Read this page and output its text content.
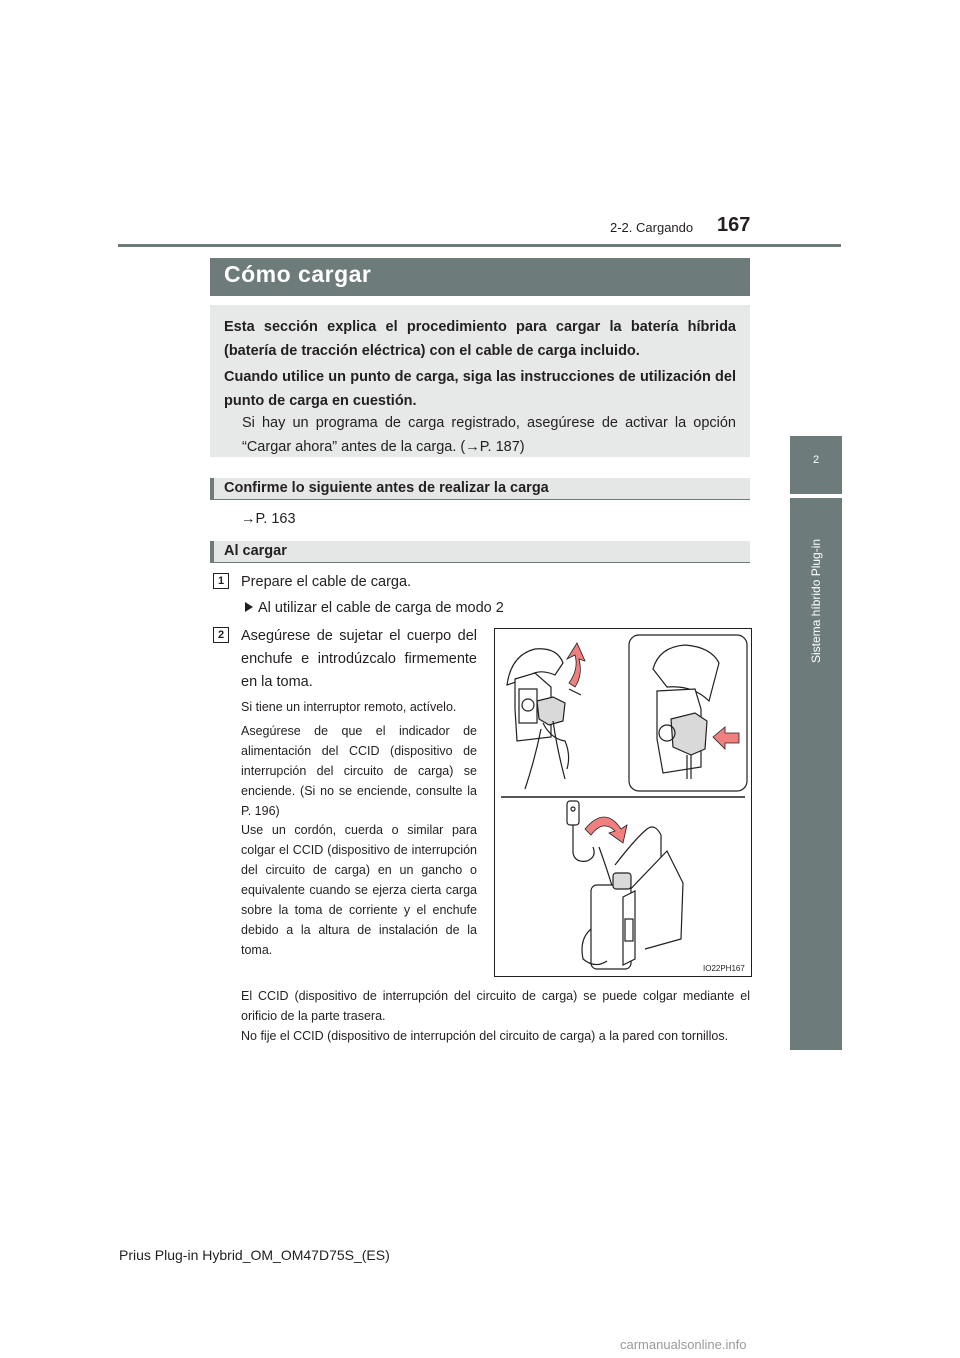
2-2. Cargando 167
2
Sistema híbrido Plug-in
Cómo cargar

Esta sección explica el procedimiento para cargar la batería híbrida (batería de tracción eléctrica) con el cable de carga incluido.

Cuando utilice un punto de carga, siga las instrucciones de utilización del punto de carga en cuestión.

Si hay un programa de carga registrado, asegúrese de activar la opción “Cargar ahora” antes de la carga. (→P. 187)

Confirme lo siguiente antes de realizar la carga
→P. 163
Al cargar
1	Prepare el cable de carga.
Al utilizar el cable de carga de modo 2
2	Asegúrese de sujetar el cuerpo del enchufe e introdúzcalo firmemente en la toma.
Si tiene un interruptor remoto, actívelo.
Asegúrese de que el indicador de alimentación del CCID (dispositivo de interrupción del circuito de carga) se enciende. (Si no se enciende, consulte la P. 196)
Use un cordón, cuerda o similar para colgar el CCID (dispositivo de interrupción del circuito de carga) en un gancho o equivalente cuando se ejerza cierta carga sobre la toma de corriente y el enchufe debido a la altura de instalación de la toma.
El CCID (dispositivo de interrupción del circuito de carga) se puede colgar mediante el orificio de la parte trasera.
No fije el CCID (dispositivo de interrupción del circuito de carga) a la pared con tornillos.
IO22PH167
Prius Plug-in Hybrid_OM_OM47D75S_(ES)
carmanualsonline.info
